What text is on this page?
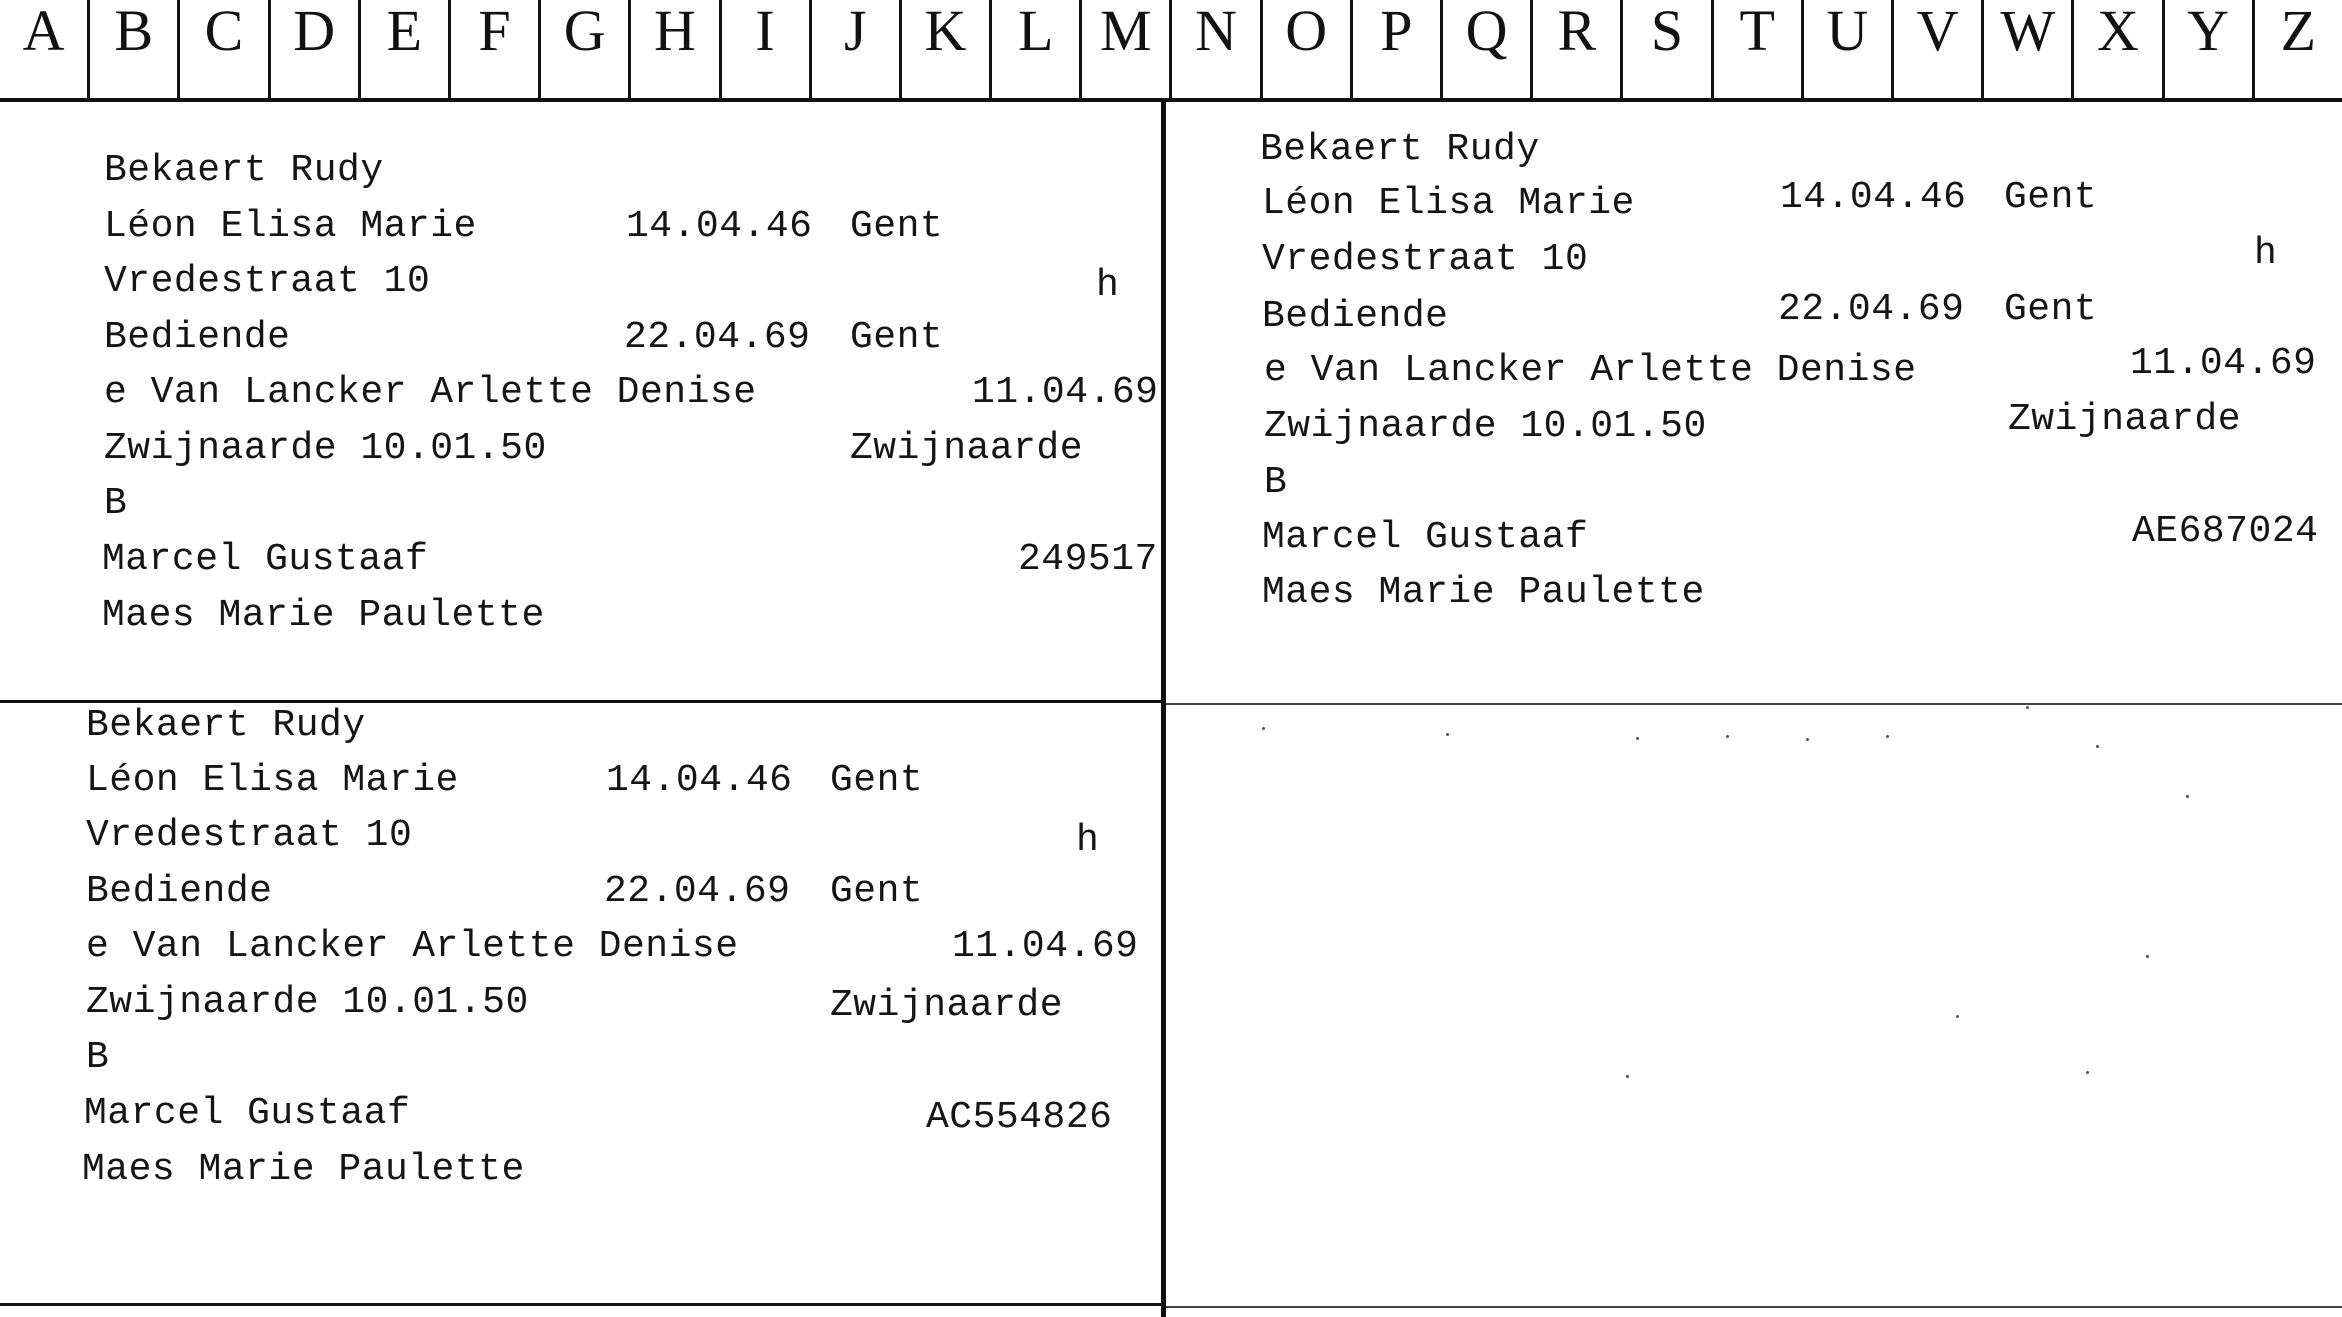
A B C D E F G H	I	J K L M N O P Q R S T U V W X Y Z
Bekaert Rudy
Léon Elisa Marie	14.04.46 Gent
Vredestraat 10	h
Bediende	22.04.69 Gent
e Van Lancker Arlette Denise	11.04.69
Zwijnaarde 10.01.50	Zwijnaarde
B
Marcel Gustaaf	249517
Maes Marie Paulette
Bekaert Rudy
Léon Elisa Marie	14.04.46 Gent
Vredestraat 10	h
Bediende	22.04.69 Gent
e Van Lancker Arlette Denise	11.04.69
Zwijnaarde 10.01.50	Zwijnaarde
B
Marcel Gustaaf	AE687024
Maes Marie Paulette
Bekaert Rudy
Léon Elisa Marie	14.04.46 Gent
Vredestraat 10	h
Bediende	22.04.69 Gent
e Van Lancker Arlette Denise	11.04.69
Zwijnaarde 10.01.50	Zwijnaarde
B
Marcel Gustaaf	AC554826
Maes Marie Paulette
